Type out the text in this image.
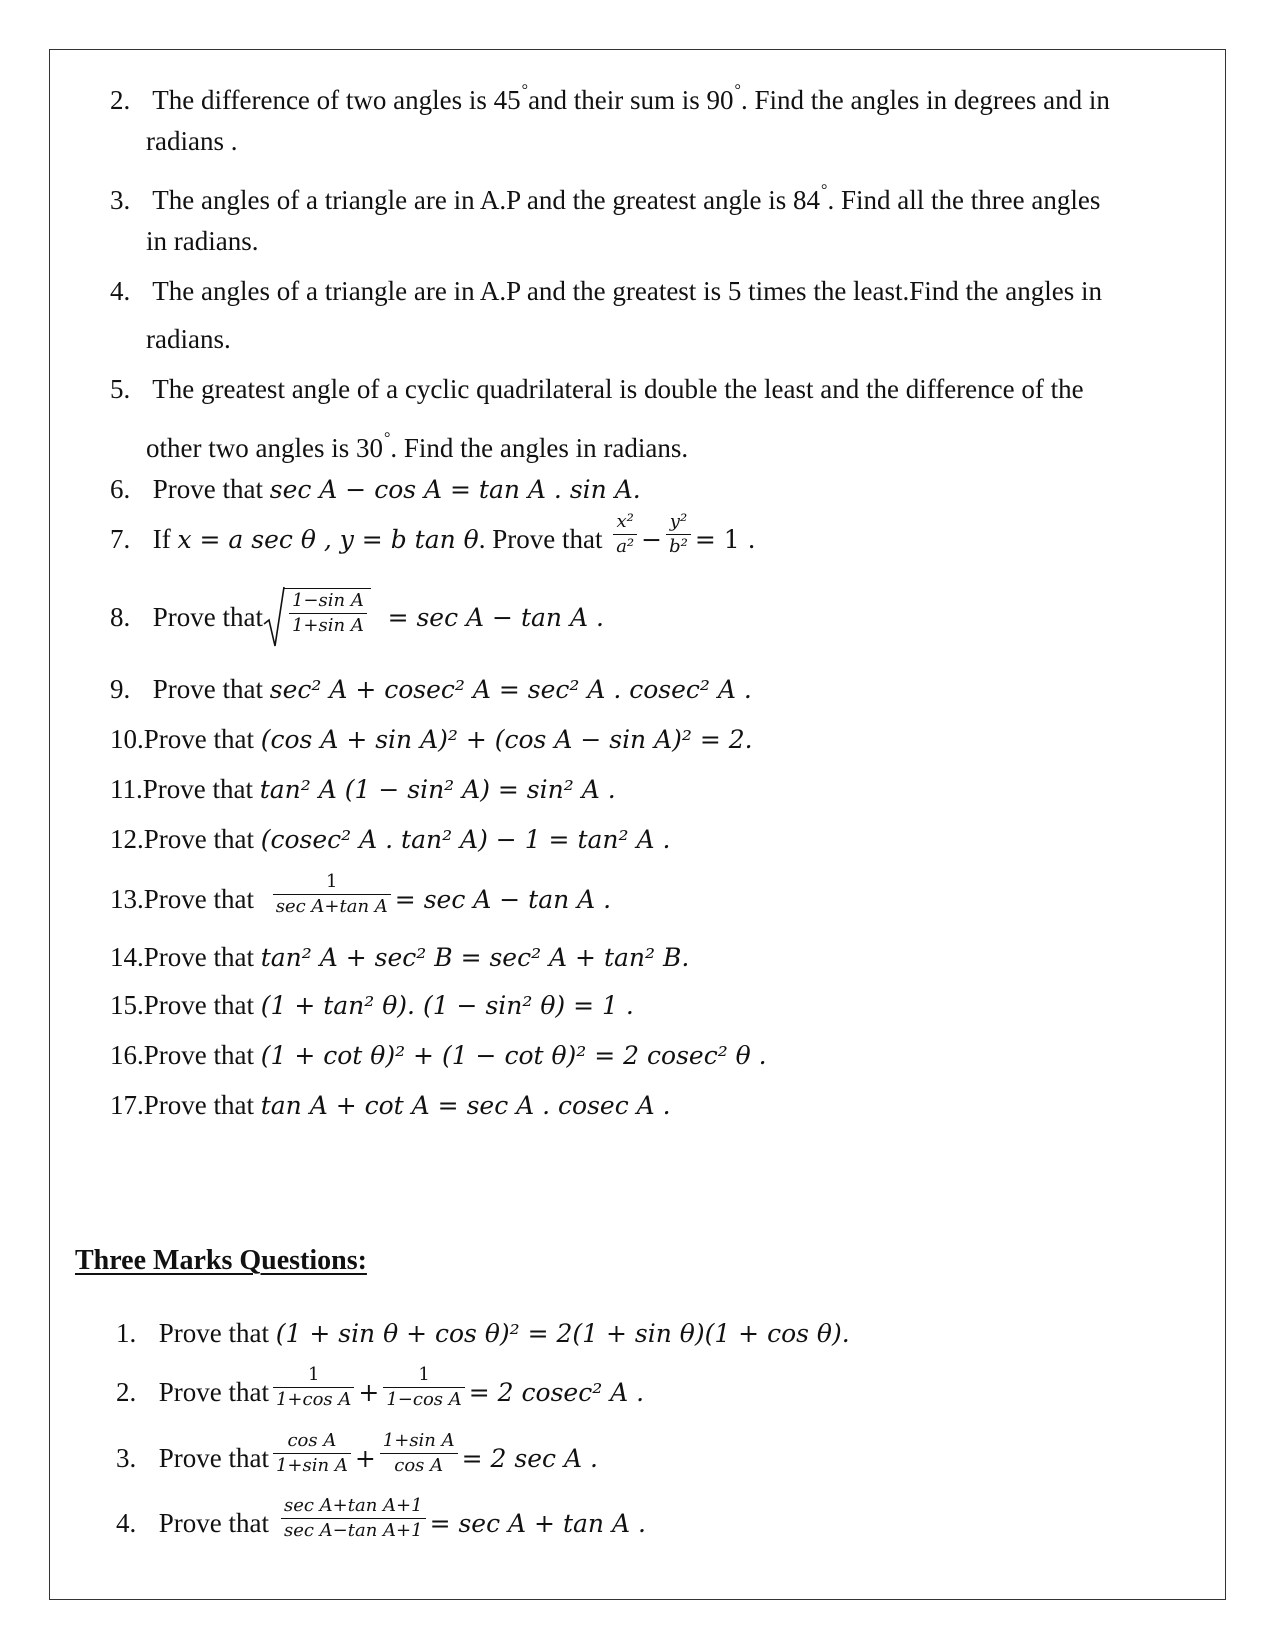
2. The difference of two angles is 45°and their sum is 90°. Find the angles in degrees and in
radians .
3. The angles of a triangle are in A.P and the greatest angle is 84°. Find all the three angles
in radians.
4. The angles of a triangle are in A.P and the greatest is 5 times the least.Find the angles in
radians.
5. The greatest angle of a cyclic quadrilateral is double the least and the difference of the
other two angles is 30°. Find the angles in radians.
6. Prove that sec A − cos A = tan A . sin A.
7. If x = a sec θ , y = b tan θ. Prove that $\frac{\text{x²}}{\text{a²}} - \frac{\text{y²}}{\text{b²}} = 1$ .
8. Prove that $\frac{\text{1−sin A}}{\text{1+sin A}} = \sec A - \tan A$ .
9. Prove that sec² A + cosec² A = sec² A . cosec² A .
10.Prove that (cos A + sin A)² + (cos A − sin A)² = 2.
11.Prove that tan² A (1 − sin² A) = sin² A .
12.Prove that (cosec² A . tan² A) − 1 = tan² A .
13.Prove that $\frac{1}{\text{sec A+tan A}} = \sec A - \tan A$ .
14.Prove that tan² A + sec² B = sec² A + tan² B.
15.Prove that (1 + tan² θ). (1 − sin² θ) = 1 .
16.Prove that (1 + cot θ)² + (1 − cot θ)² = 2 cosec² θ .
17.Prove that tan A + cot A = sec A . cosec A .
Three Marks Questions:
1. Prove that (1 + sin θ + cos θ)² = 2(1 + sin θ)(1 + cos θ).
2. Prove that $\frac{1}{\text{1+cos A}} + \frac{1}{\text{1−cos A}} = 2$ cosec² A .
3. Prove that $\frac{\text{cos A}}{\text{1+sin A}} + \frac{\text{1+sin A}}{\text{cos A}} = 2$ sec A .
4. Prove that $\frac{\text{sec A+tan A+1}}{\text{sec A−tan A+1}} = \sec A + \tan A$ .
